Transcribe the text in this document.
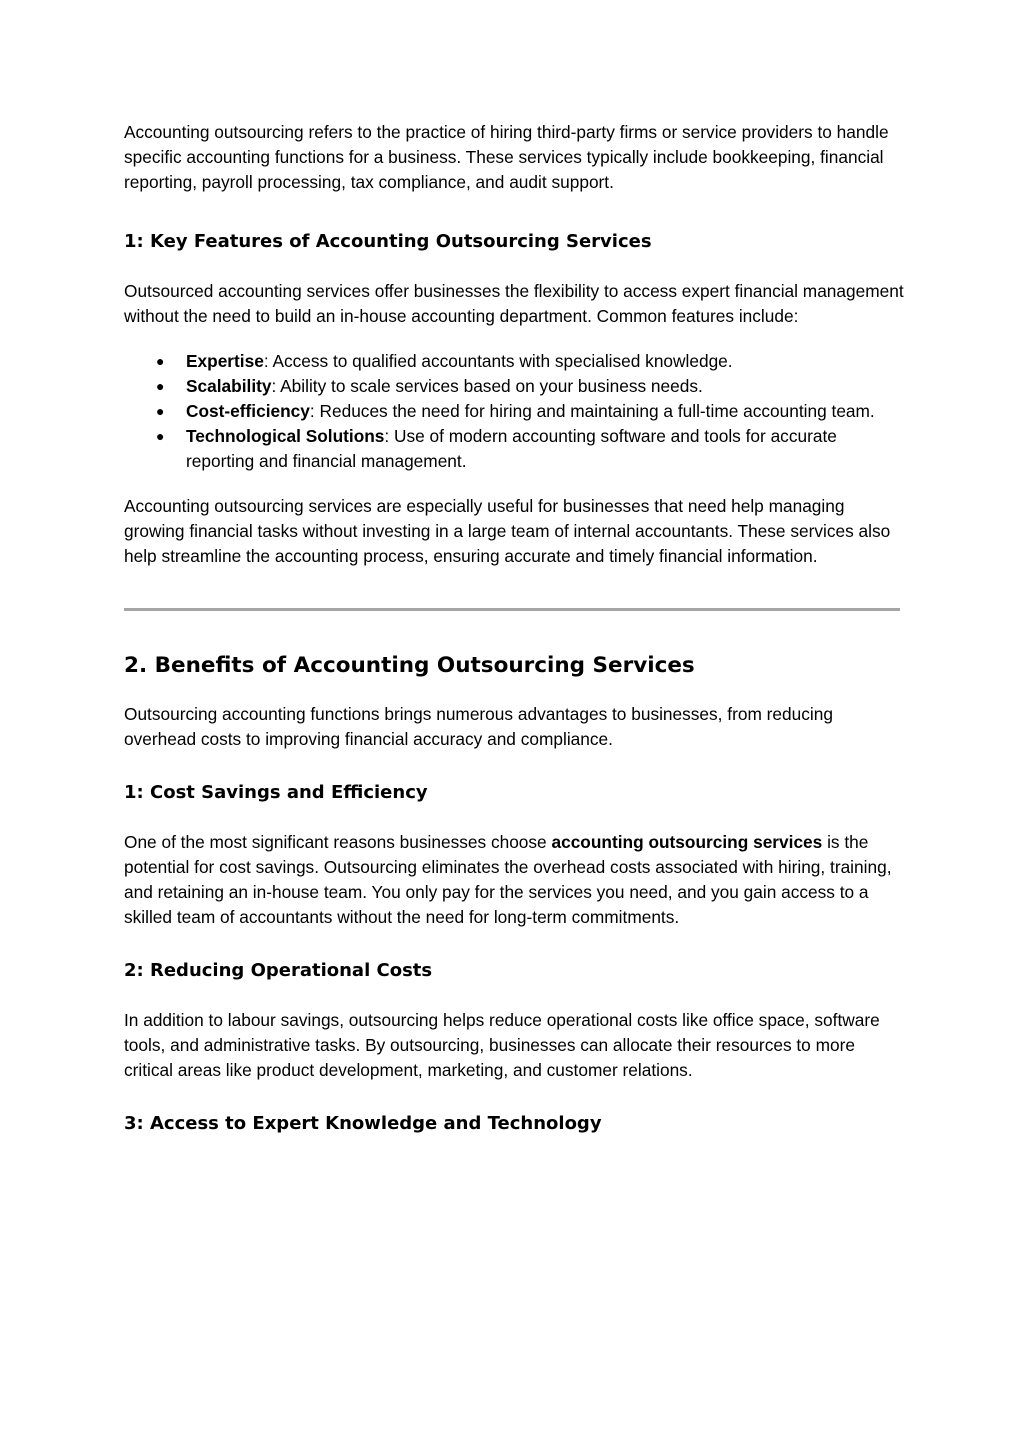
Accounting outsourcing refers to the practice of hiring third-party firms or service providers to handle specific accounting functions for a business. These services typically include bookkeeping, financial reporting, payroll processing, tax compliance, and audit support.

1: Key Features of Accounting Outsourcing Services

Outsourced accounting services offer businesses the flexibility to access expert financial management without the need to build an in-house accounting department. Common features include:

● Expertise: Access to qualified accountants with specialised knowledge.
● Scalability: Ability to scale services based on your business needs.
● Cost-efficiency: Reduces the need for hiring and maintaining a full-time accounting team.
● Technological Solutions: Use of modern accounting software and tools for accurate reporting and financial management.

Accounting outsourcing services are especially useful for businesses that need help managing growing financial tasks without investing in a large team of internal accountants. These services also help streamline the accounting process, ensuring accurate and timely financial information.

2. Benefits of Accounting Outsourcing Services

Outsourcing accounting functions brings numerous advantages to businesses, from reducing overhead costs to improving financial accuracy and compliance.

1: Cost Savings and Efficiency

One of the most significant reasons businesses choose accounting outsourcing services is the potential for cost savings. Outsourcing eliminates the overhead costs associated with hiring, training, and retaining an in-house team. You only pay for the services you need, and you gain access to a skilled team of accountants without the need for long-term commitments.

2: Reducing Operational Costs

In addition to labour savings, outsourcing helps reduce operational costs like office space, software tools, and administrative tasks. By outsourcing, businesses can allocate their resources to more critical areas like product development, marketing, and customer relations.

3: Access to Expert Knowledge and Technology
